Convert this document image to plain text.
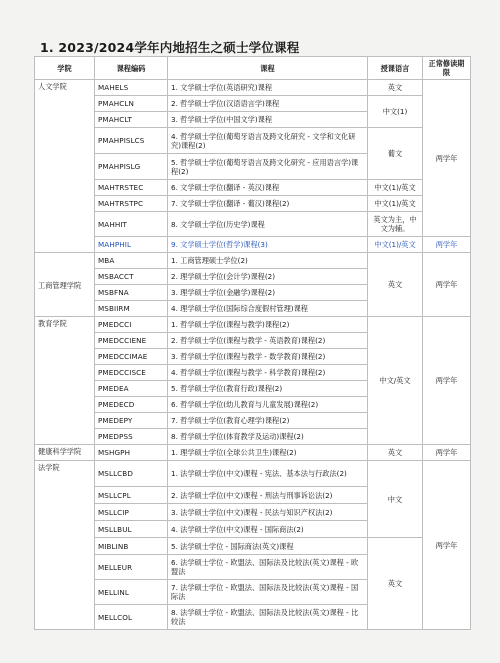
1. 2023/2024学年内地招生之硕士学位课程
学院	课程编码	课程	授课语言	正常修读期限
人文学院	MAHELS	1. 文学硕士学位(英语研究)课程	英文	两学年
	PMAHCLN	2. 哲学硕士学位(汉语语言学)课程	中文(1)	
	PMAHCLT	3. 哲学硕士学位(中国文学)课程		
	PMAHPISLCS	4. 哲学硕士学位(葡萄牙语言及跨文化研究 - 文学和文化研究)课程(2)	葡文	
	PMAHPISLG	5. 哲学硕士学位(葡萄牙语言及跨文化研究 - 应用语言学)课程(2)		
	MAHTRSTEC	6. 文学硕士学位(翻译 - 英汉)课程	中文(1)/英文	
	MAHTRSTPC	7. 文学硕士学位(翻译 - 葡汉)课程(2)	中文(1)/英文	
	MAHHIT	8. 文学硕士学位(历史学)课程	英文为主，中文为辅。	
	MAHPHIL	9. 文学硕士学位(哲学)课程(3)	中文(1)/英文	两学年
工商管理学院	MBA	1. 工商管理硕士学位(2)	英文	两学年
	MSBACCT	2. 理学硕士学位(会计学)课程(2)		
	MSBFNA	3. 理学硕士学位(金融学)课程(2)		
	MSBIIRM	4. 理学硕士学位(国际综合度假村管理)课程		
教育学院	PMEDCCI	1. 哲学硕士学位(课程与教学)课程(2)	中文/英文	两学年
	PMEDCCIENE	2. 哲学硕士学位(课程与教学 - 英语教育)课程(2)		
	PMEDCCIMAE	3. 哲学硕士学位(课程与教学 - 数学教育)课程(2)		
	PMEDCCISCE	4. 哲学硕士学位(课程与教学 - 科学教育)课程(2)		
	PMEDEA	5. 哲学硕士学位(教育行政)课程(2)		
	PMEDECD	6. 哲学硕士学位(幼儿教育与儿童发展)课程(2)		
	PMEDEPY	7. 哲学硕士学位(教育心理学)课程(2)		
	PMEDPSS	8. 哲学硕士学位(体育教学及运动)课程(2)		
健康科学学院	MSHGPH	1. 理学硕士学位(全球公共卫生)课程(2)	英文	两学年
法学院	MSLLCBD	1. 法学硕士学位(中文)课程 - 宪法、基本法与行政法(2)	中文	两学年
	MSLLCPL	2. 法学硕士学位(中文)课程 - 刑法与刑事诉讼法(2)		
	MSLLCIP	3. 法学硕士学位(中文)课程 - 民法与知识产权法(2)		
	MSLLBUL	4. 法学硕士学位(中文)课程 - 国际商法(2)		
	MIBLINB	5. 法学硕士学位 - 国际商法(英文)课程	英文	
	MELLEUR	6. 法学硕士学位 - 欧盟法、国际法及比较法(英文)课程 - 欧盟法		
	MELLINL	7. 法学硕士学位 - 欧盟法、国际法及比较法(英文)课程 - 国际法		
	MELLCOL	8. 法学硕士学位 - 欧盟法、国际法及比较法(英文)课程 - 比较法		
